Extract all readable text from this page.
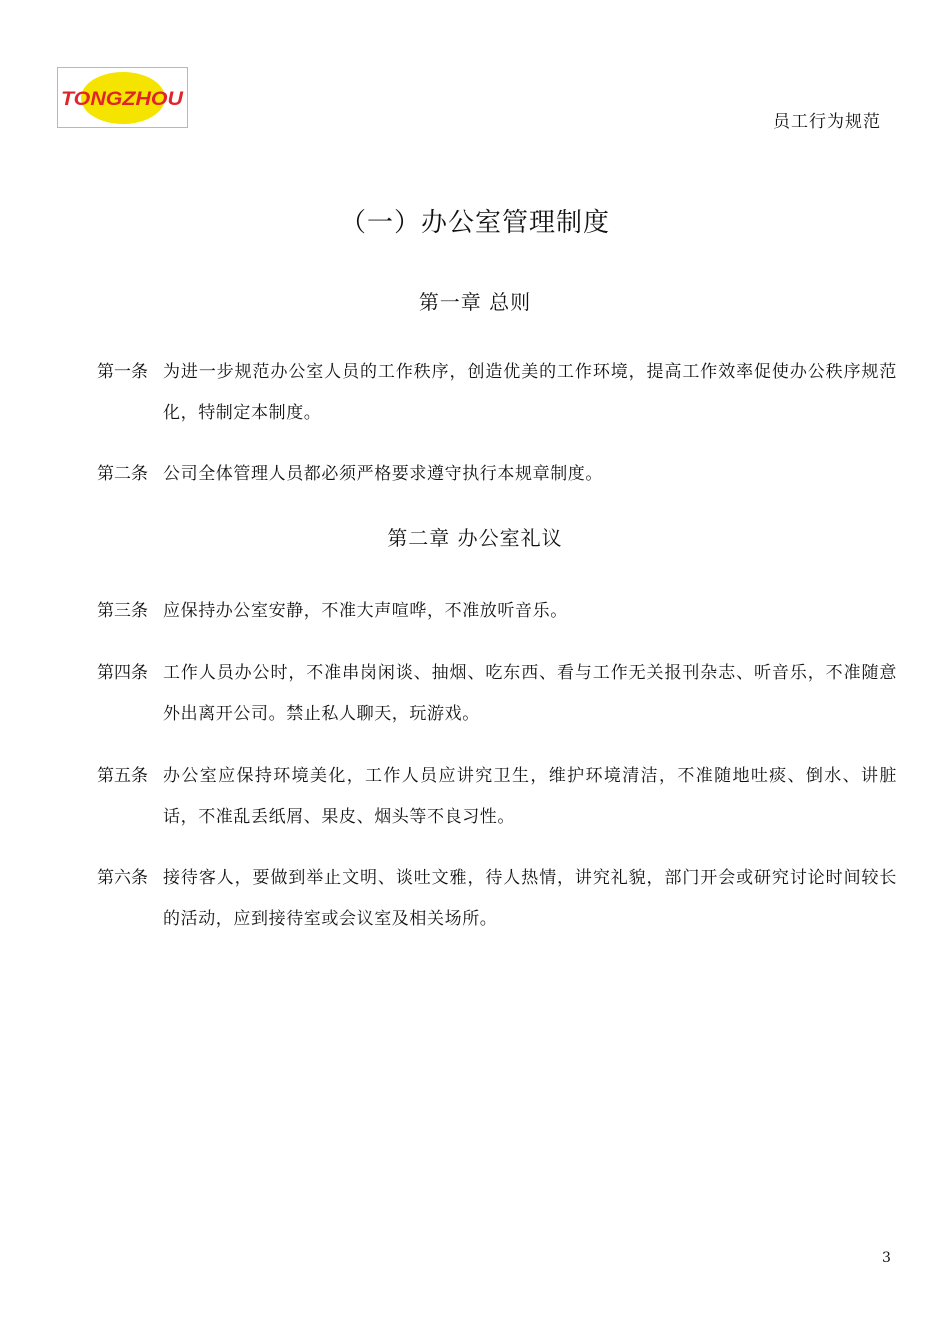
TONGZHOU
员工行为规范
（一）办公室管理制度
第一章 总则
第一条 为进一步规范办公室人员的工作秩序，创造优美的工作环境，提高工作效率促使办公秩序规范化，特制定本制度。
第二条 公司全体管理人员都必须严格要求遵守执行本规章制度。
第二章 办公室礼议
第三条 应保持办公室安静，不准大声喧哗，不准放听音乐。
第四条 工作人员办公时，不准串岗闲谈、抽烟、吃东西、看与工作无关报刊杂志、听音乐，不准随意外出离开公司。禁止私人聊天，玩游戏。
第五条 办公室应保持环境美化，工作人员应讲究卫生，维护环境清洁，不准随地吐痰、倒水、讲脏话，不准乱丢纸屑、果皮、烟头等不良习性。
第六条 接待客人，要做到举止文明、谈吐文雅，待人热情，讲究礼貌，部门开会或研究讨论时间较长的活动，应到接待室或会议室及相关场所。
3
